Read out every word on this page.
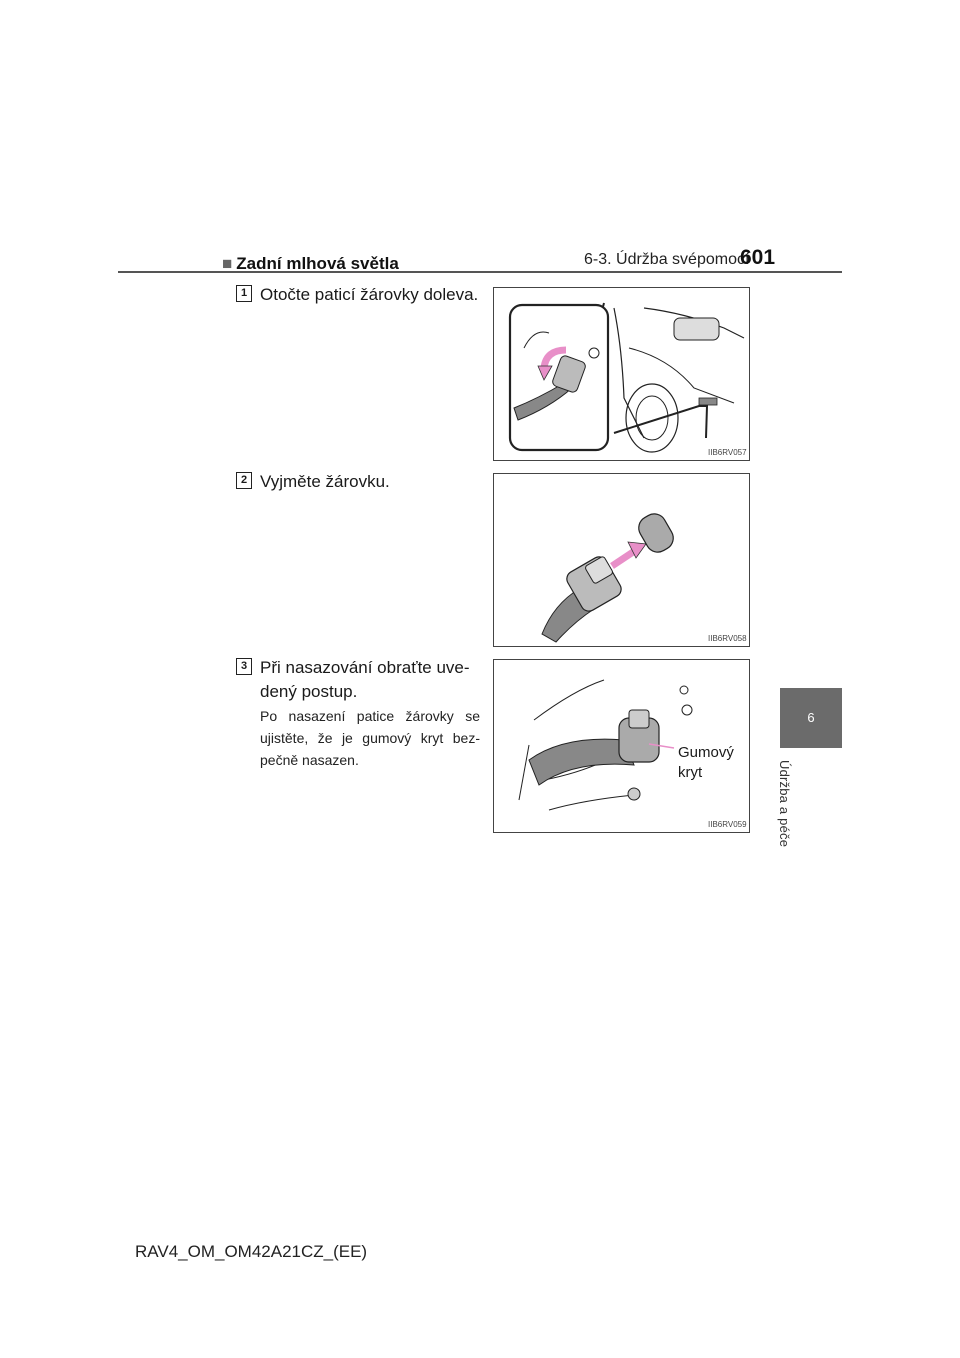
6-3. Údržba svépomocí
601
6
Údržba a péče
■ Zadní mlhová světla
1 Otočte paticí žárovky doleva.
IIB6RV057
2 Vyjměte žárovku.
IIB6RV058
3 Při nasazování obraťte uve-
dený postup.
Po nasazení patice žárovky se ujistěte, že je gumový kryt bez-pečně nasazen.	Gumový
kryt
IIB6RV059
RAV4_OM_OM42A21CZ_(EE)
